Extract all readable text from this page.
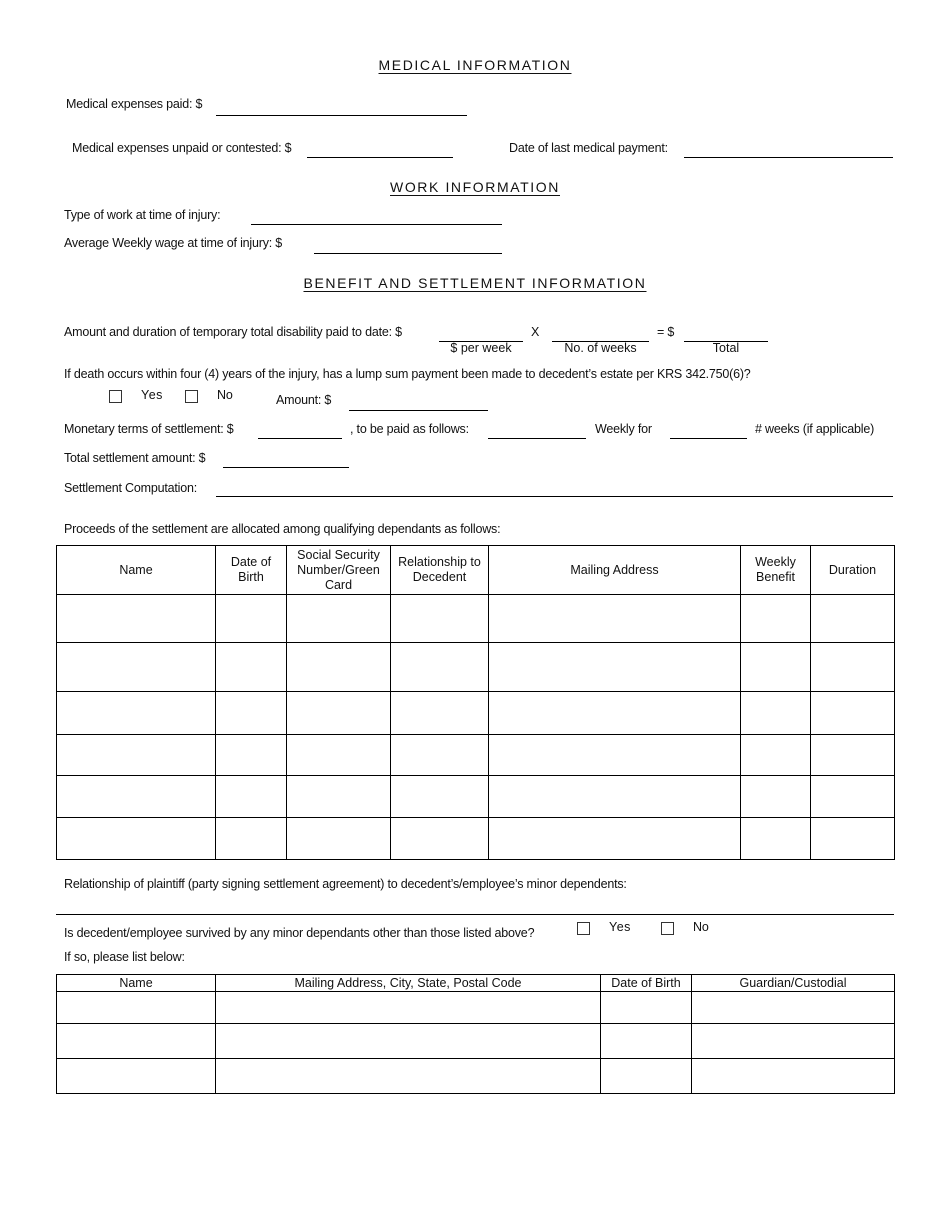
MEDICAL INFORMATION
Medical expenses paid: $
Medical expenses unpaid or contested: $	Date of last medical payment:
WORK INFORMATION
Type of work at time of injury:
Average Weekly wage at time of injury: $
BENEFIT AND SETTLEMENT INFORMATION
Amount and duration of temporary total disability paid to date: $	X	= $
$ per week	No. of weeks	Total
If death occurs within four (4) years of the injury, has a lump sum payment been made to decedent’s estate per KRS 342.750(6)?
Yes	No	Amount: $
Monetary terms of settlement: $	, to be paid as follows:	Weekly for	# weeks (if applicable)
Total settlement amount: $
Settlement Computation:
Proceeds of the settlement are allocated among qualifying dependants as follows:
Name	Date of Birth	Social Security Number/Green Card	Relationship to Decedent	Mailing Address	Weekly Benefit	Duration

Relationship of plaintiff (party signing settlement agreement) to decedent’s/employee’s minor dependents:
Is decedent/employee survived by any minor dependants other than those listed above?	Yes	No
If so, please list below:
Name	Mailing Address, City, State, Postal Code	Date of Birth	Guardian/Custodial
